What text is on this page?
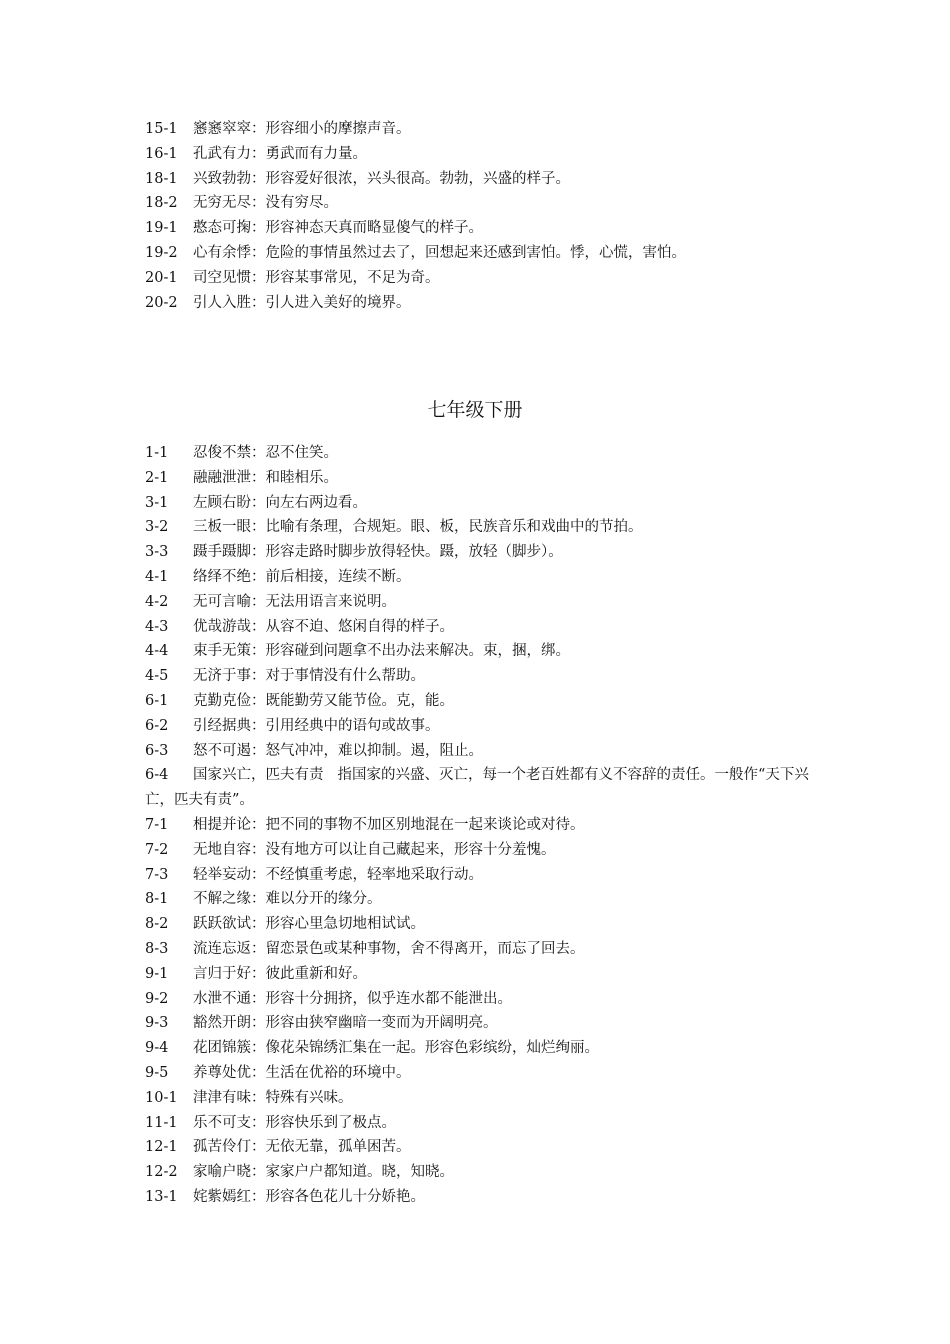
15-1 窸窸窣窣：形容细小的摩擦声音。
16-1 孔武有力：勇武而有力量。
18-1 兴致勃勃：形容爱好很浓，兴头很高。勃勃，兴盛的样子。
18-2 无穷无尽：没有穷尽。
19-1 憨态可掬：形容神态天真而略显傻气的样子。
19-2 心有余悸：危险的事情虽然过去了，回想起来还感到害怕。悸，心慌，害怕。
20-1 司空见惯：形容某事常见，不足为奇。
20-2 引人入胜：引人进入美好的境界。
七年级下册
1-1 忍俊不禁：忍不住笑。
2-1 融融泄泄：和睦相乐。
3-1 左顾右盼：向左右两边看。
3-2 三板一眼：比喻有条理，合规矩。眼、板，民族音乐和戏曲中的节拍。
3-3 蹑手蹑脚：形容走路时脚步放得轻快。蹑，放轻（脚步）。
4-1 络绎不绝：前后相接，连续不断。
4-2 无可言喻：无法用语言来说明。
4-3 优哉游哉：从容不迫、悠闲自得的样子。
4-4 束手无策：形容碰到问题拿不出办法来解决。束，捆，绑。
4-5 无济于事：对于事情没有什么帮助。
6-1 克勤克俭：既能勤劳又能节俭。克，能。
6-2 引经据典：引用经典中的语句或故事。
6-3 怒不可遏：怒气冲冲，难以抑制。遏，阻止。
6-4 国家兴亡，匹夫有责 指国家的兴盛、灭亡，每一个老百姓都有义不容辞的责任。一般作“天下兴亡，匹夫有责”。
7-1 相提并论：把不同的事物不加区别地混在一起来谈论或对待。
7-2 无地自容：没有地方可以让自己藏起来，形容十分羞愧。
7-3 轻举妄动：不经慎重考虑，轻率地采取行动。
8-1 不解之缘：难以分开的缘分。
8-2 跃跃欲试：形容心里急切地相试试。
8-3 流连忘返：留恋景色或某种事物，舍不得离开，而忘了回去。
9-1 言归于好：彼此重新和好。
9-2 水泄不通：形容十分拥挤，似乎连水都不能泄出。
9-3 豁然开朗：形容由狭窄幽暗一变而为开阔明亮。
9-4 花团锦簇：像花朵锦绣汇集在一起。形容色彩缤纷，灿烂绚丽。
9-5 养尊处优：生活在优裕的环境中。
10-1 津津有味：特殊有兴味。
11-1 乐不可支：形容快乐到了极点。
12-1 孤苦伶仃：无依无靠，孤单困苦。
12-2 家喻户晓：家家户户都知道。晓，知晓。
13-1 姹紫嫣红：形容各色花儿十分娇艳。
